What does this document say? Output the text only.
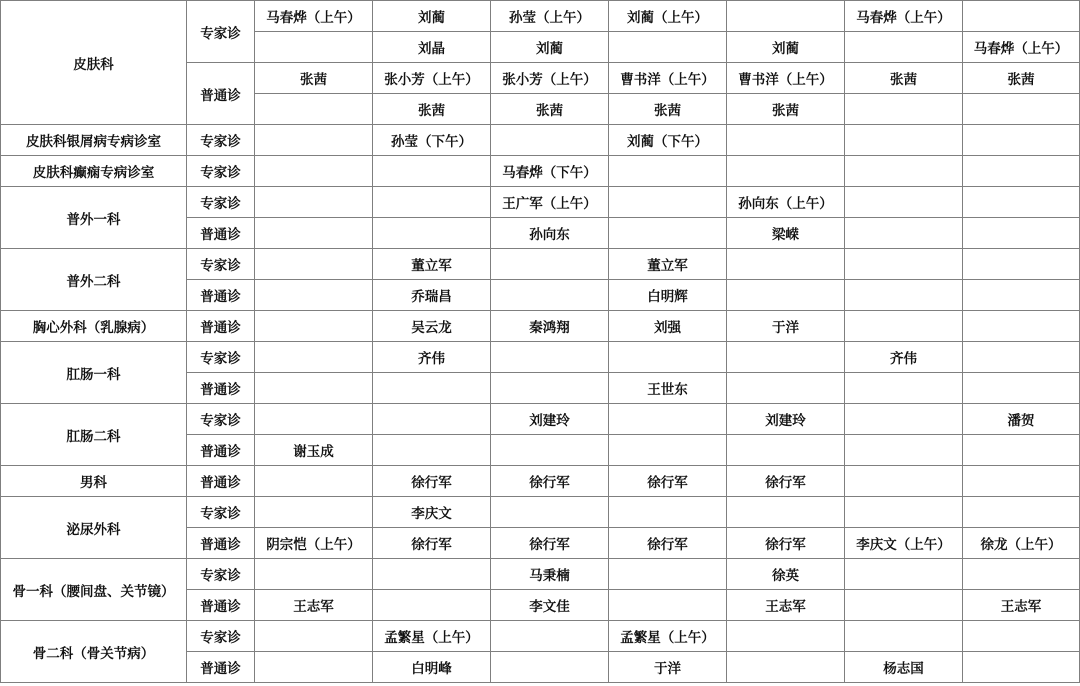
皮肤科	专家诊	马春烨（上午）	刘蔺	孙莹（上午）	刘蔺（上午）		马春烨（上午）	
			刘晶	刘蔺		刘蔺		马春烨（上午）
	普通诊	张茜	张小芳（上午）	张小芳（上午）	曹书洋（上午）	曹书洋（上午）	张茜	张茜
			张茜	张茜	张茜	张茜		
皮肤科银屑病专病诊室	专家诊		孙莹（下午）		刘蔺（下午）			
皮肤科癫痫专病诊室	专家诊			马春烨（下午）				
普外一科	专家诊			王广军（上午）		孙向东（上午）		
	普通诊			孙向东		梁嵘		
普外二科	专家诊		董立军		董立军			
	普通诊		乔瑞昌		白明辉			
胸心外科（乳腺病）	普通诊		吴云龙	秦鸿翔	刘强	于洋		
肛肠一科	专家诊		齐伟				齐伟	
	普通诊				王世东			
肛肠二科	专家诊			刘建玲		刘建玲		潘贺
	普通诊	谢玉成						
男科	普通诊		徐行军	徐行军	徐行军	徐行军		
泌尿外科	专家诊		李庆文					
	普通诊	阴宗恺（上午）	徐行军	徐行军	徐行军	徐行军	李庆文（上午）	徐龙（上午）
骨一科（腰间盘、关节镜）	专家诊			马秉楠		徐英		
	普通诊	王志军		李文佳		王志军		王志军
骨二科（骨关节病）	专家诊		孟繁星（上午）		孟繁星（上午）			
	普通诊		白明峰		于洋		杨志国	
